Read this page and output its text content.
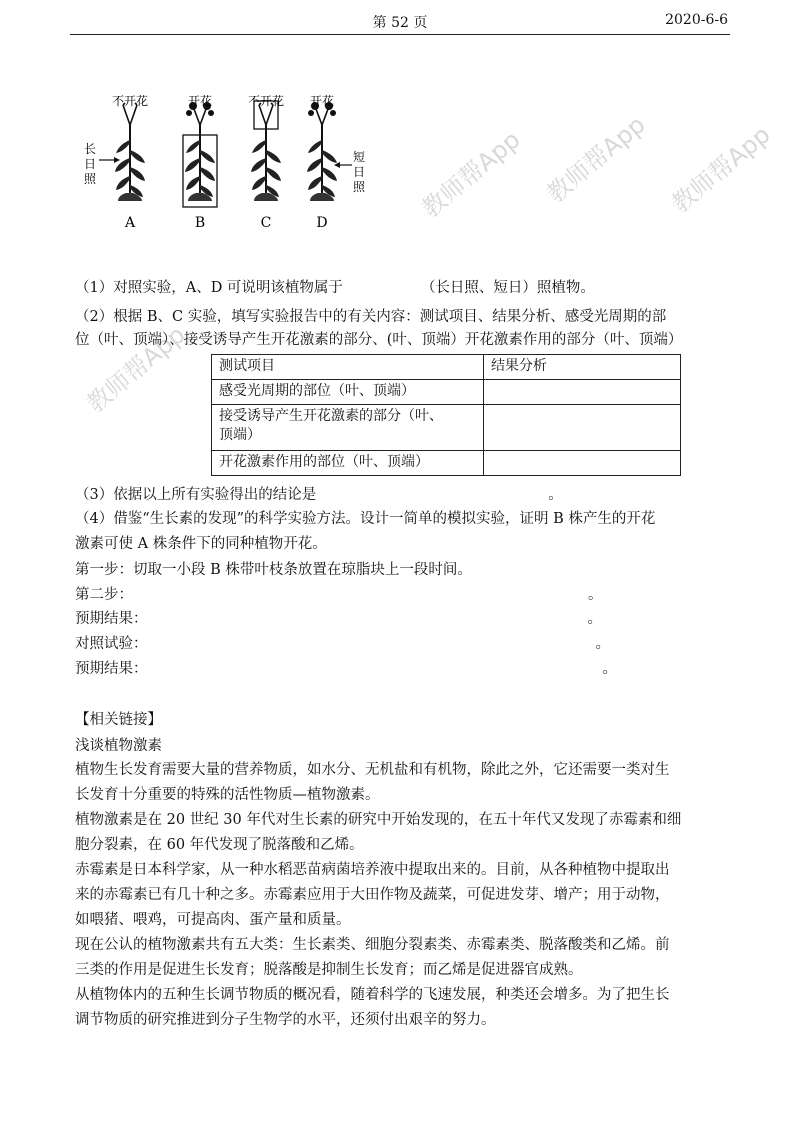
第 52 页	2020-6-6
教师帮App 教师帮App 教师帮App
教师帮App
不开花
A
长
日
照
开花
B
不开花
C
开花
D
短
日
照
（1）对照实验，A、D 可说明该植物属于	（长日照、短日）照植物。
（2）根据 B、C 实验，填写实验报告中的有关内容：测试项目、结果分析、感受光周期的部
位（叶、顶端）、接受诱导产生开花激素的部分、(叶、顶端）开花激素作用的部分（叶、顶端）
测试项目	结果分析
感受光周期的部位（叶、顶端）	

接受诱导产生开花激素的部分（叶、
顶端）	

开花激素作用的部位（叶、顶端）	
（3）依据以上所有实验得出的结论是	。
（4）借鉴“生长素的发现”的科学实验方法。设计一简单的模拟实验，证明 B 株产生的开花
激素可使 A 株条件下的同种植物开花。
第一步：切取一小段 B 株带叶枝条放置在琼脂块上一段时间。
第二步：	。
预期结果：	。
对照试验：	。
预期结果：	。
【相关链接】
浅谈植物激素
植物生长发育需要大量的营养物质，如水分、无机盐和有机物，除此之外，它还需要一类对生
长发育十分重要的特殊的活性物质—植物激素。
植物激素是在 20 世纪 30 年代对生长素的研究中开始发现的，在五十年代又发现了赤霉素和细
胞分裂素，在 60 年代发现了脱落酸和乙烯。
赤霉素是日本科学家，从一种水稻恶苗病菌培养液中提取出来的。目前，从各种植物中提取出
来的赤霉素已有几十种之多。赤霉素应用于大田作物及蔬菜，可促进发芽、增产；用于动物，
如喂猪、喂鸡，可提高肉、蛋产量和质量。
现在公认的植物激素共有五大类：生长素类、细胞分裂素类、赤霉素类、脱落酸类和乙烯。前
三类的作用是促进生长发育；脱落酸是抑制生长发育；而乙烯是促进器官成熟。
从植物体内的五种生长调节物质的概况看，随着科学的飞速发展，种类还会增多。为了把生长
调节物质的研究推进到分子生物学的水平，还须付出艰辛的努力。
